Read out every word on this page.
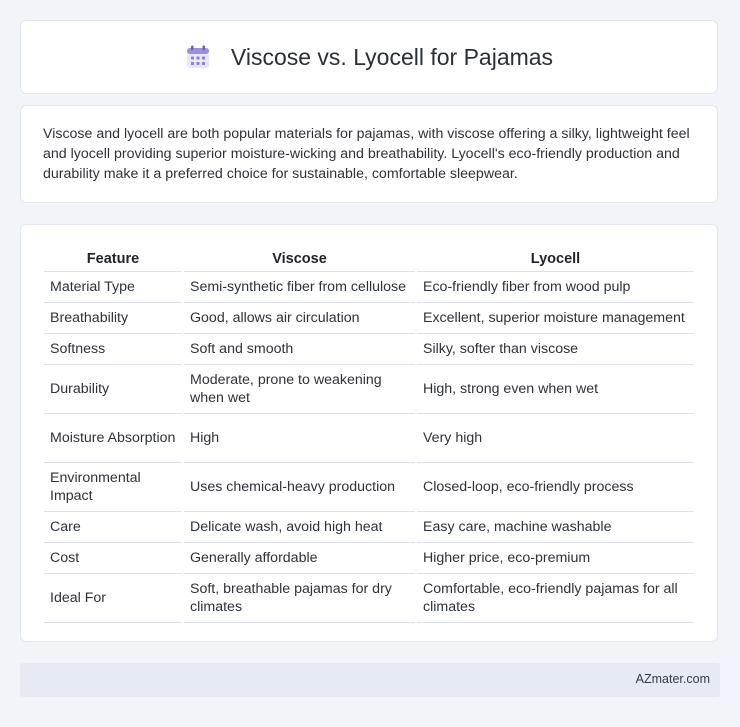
Viscose vs. Lyocell for Pajamas

Viscose and lyocell are both popular materials for pajamas, with viscose offering a silky, lightweight feel and lyocell providing superior moisture-wicking and breathability. Lyocell's eco-friendly production and durability make it a preferred choice for sustainable, comfortable sleepwear.

Feature	Viscose	Lyocell
Material Type	Semi-synthetic fiber from cellulose	Eco-friendly fiber from wood pulp
Breathability	Good, allows air circulation	Excellent, superior moisture management
Softness	Soft and smooth	Silky, softer than viscose
Durability	Moderate, prone to weakening when wet	High, strong even when wet
Moisture Absorption	High	Very high
Environmental Impact	Uses chemical-heavy production	Closed-loop, eco-friendly process
Care	Delicate wash, avoid high heat	Easy care, machine washable
Cost	Generally affordable	Higher price, eco-premium
Ideal For	Soft, breathable pajamas for dry climates	Comfortable, eco-friendly pajamas for all climates
AZmater.com
